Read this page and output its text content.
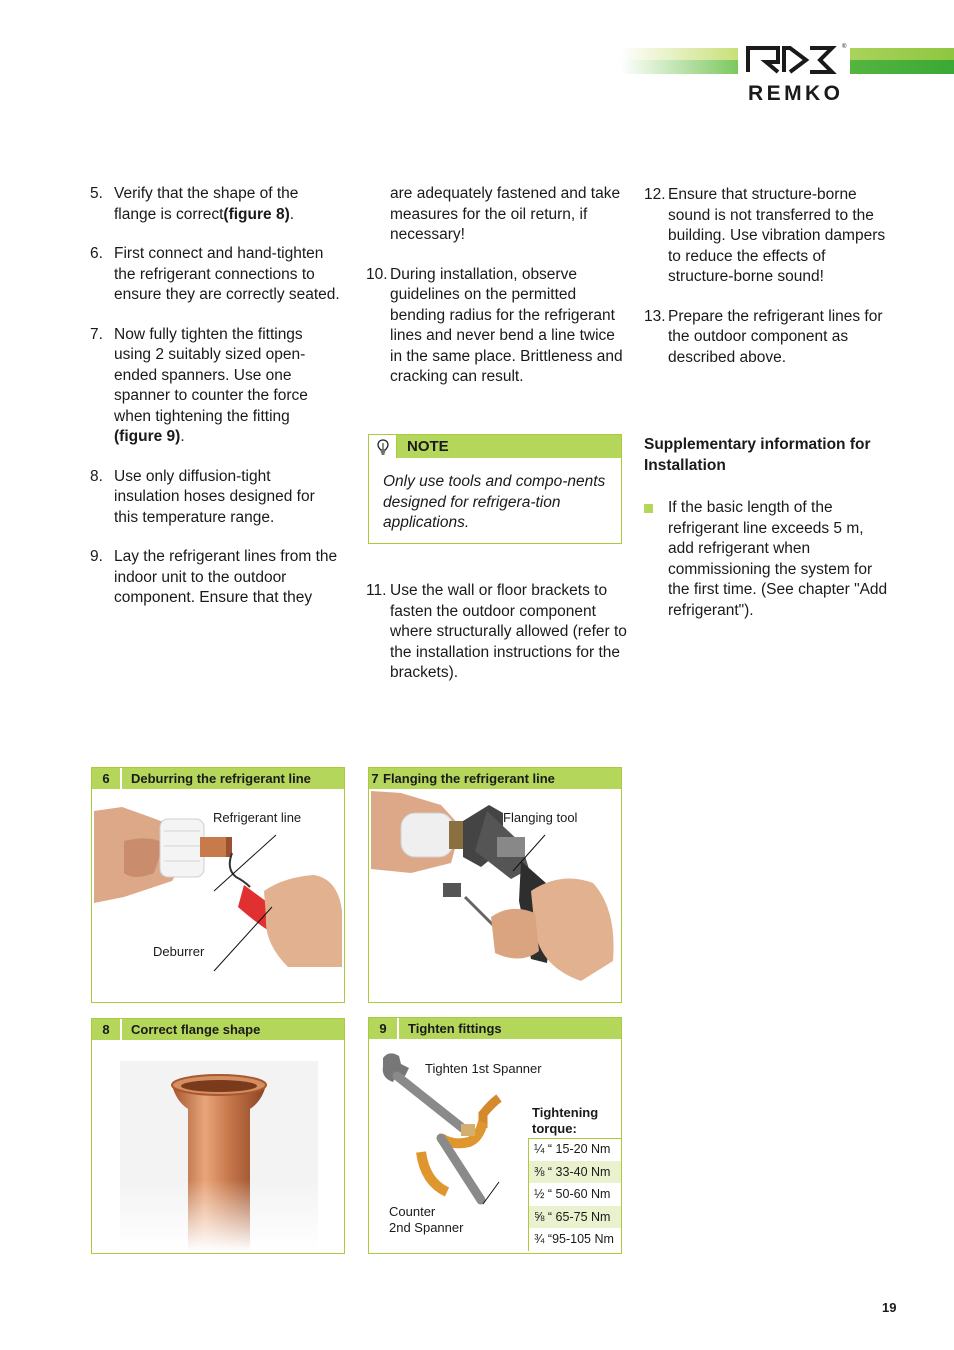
REMKO
®
5. Verify that the shape of the flange is correct(figure 8).
6. First connect and hand-tighten the refrigerant connections to ensure they are correctly seated.
7. Now fully tighten the fittings using 2 suitably sized open-ended spanners. Use one spanner to counter the force when tightening the fitting (figure 9).
8. Use only diffusion-tight insulation hoses designed for this temperature range.
9. Lay the refrigerant lines from the indoor unit to the outdoor component. Ensure that they
are adequately fastened and take measures for the oil return, if necessary!
10. During installation, observe guidelines on the permitted bending radius for the refrigerant lines and never bend a line twice in the same place. Brittleness and cracking can result.
NOTE
Only use tools and compo-nents designed for refrigera-tion applications.
11. Use the wall or floor brackets to fasten the outdoor component where structurally allowed (refer to the installation instructions for the brackets).
12. Ensure that structure-borne sound is not transferred to the building. Use vibration dampers to reduce the effects of structure-borne sound!
13. Prepare the refrigerant lines for the outdoor component as described above.
Supplementary information for Installation
If the basic length of the refrigerant line exceeds 5 m, add refrigerant when commissioning the system for the first time. (See chapter "Add refrigerant").
6	Deburring the refrigerant line
Refrigerant line
Deburrer
7 Flanging the refrigerant line
Flanging tool
8	Correct flange shape	9	Tighten fittings
Tighten 1st Spanner
Counter
2nd Spanner
Tightening
torque:
¼ “ 15-20 Nm
⅜ “ 33-40 Nm
½ “ 50-60 Nm
⅝ “ 65-75 Nm
¾ “95-105 Nm
19
